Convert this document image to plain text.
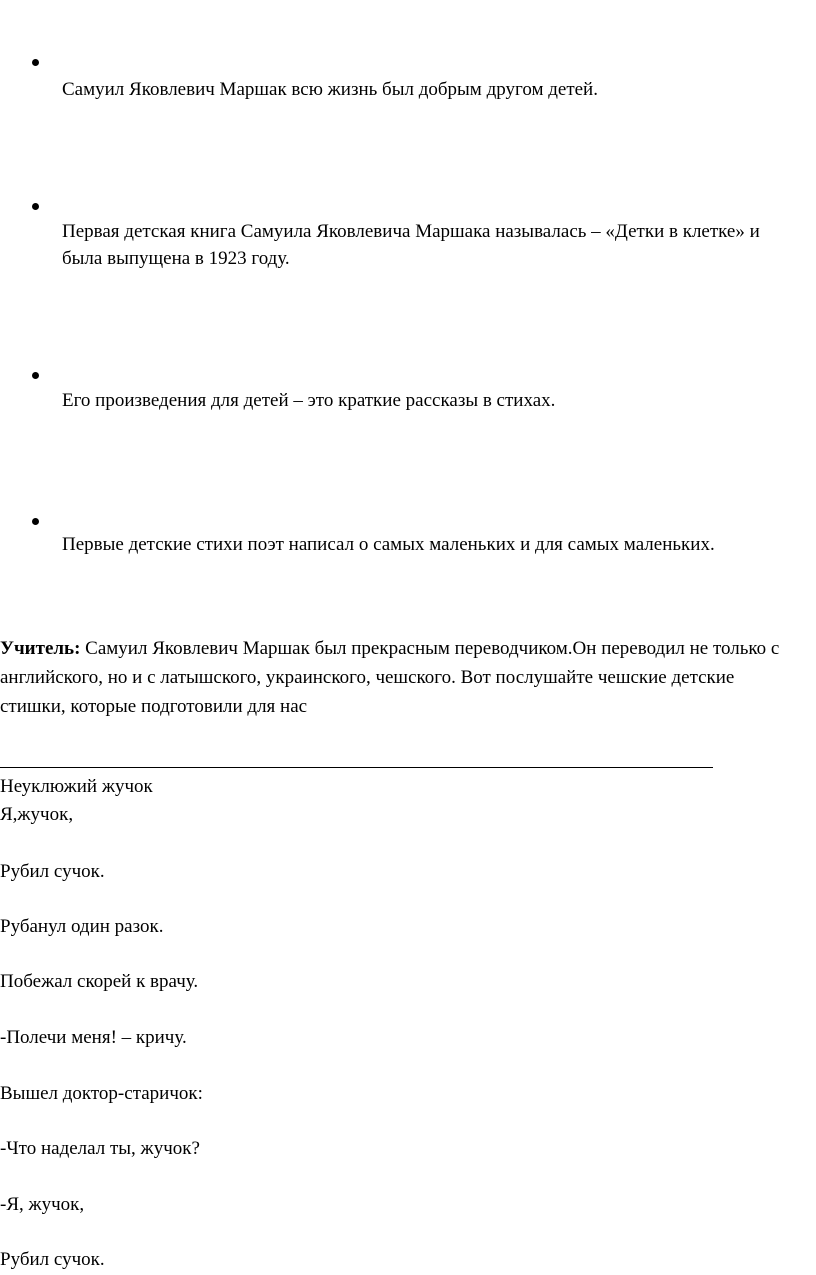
Самуил Яковлевич Маршак всю жизнь был добрым другом детей.
Первая детская книга Самуила Яковлевича Маршака называлась – «Детки в клетке» и была выпущена в 1923 году.
Его произведения для детей – это краткие рассказы в стихах.
Первые детские стихи поэт написал о самых маленьких и для самых маленьких.
Учитель: Самуил Яковлевич Маршак был прекрасным переводчиком.Он переводил не только с английского, но и с латышского, украинского, чешского. Вот послушайте чешские детские стишки, которые подготовили для нас
Неуклюжий жучок
Я,жучок,
Рубил сучок.
Рубанул один разок.
Побежал скорей к врачу.
-Полечи меня! – кричу.
Вышел доктор-старичок:
-Что наделал ты, жучок?
-Я, жучок,
Рубил сучок.
